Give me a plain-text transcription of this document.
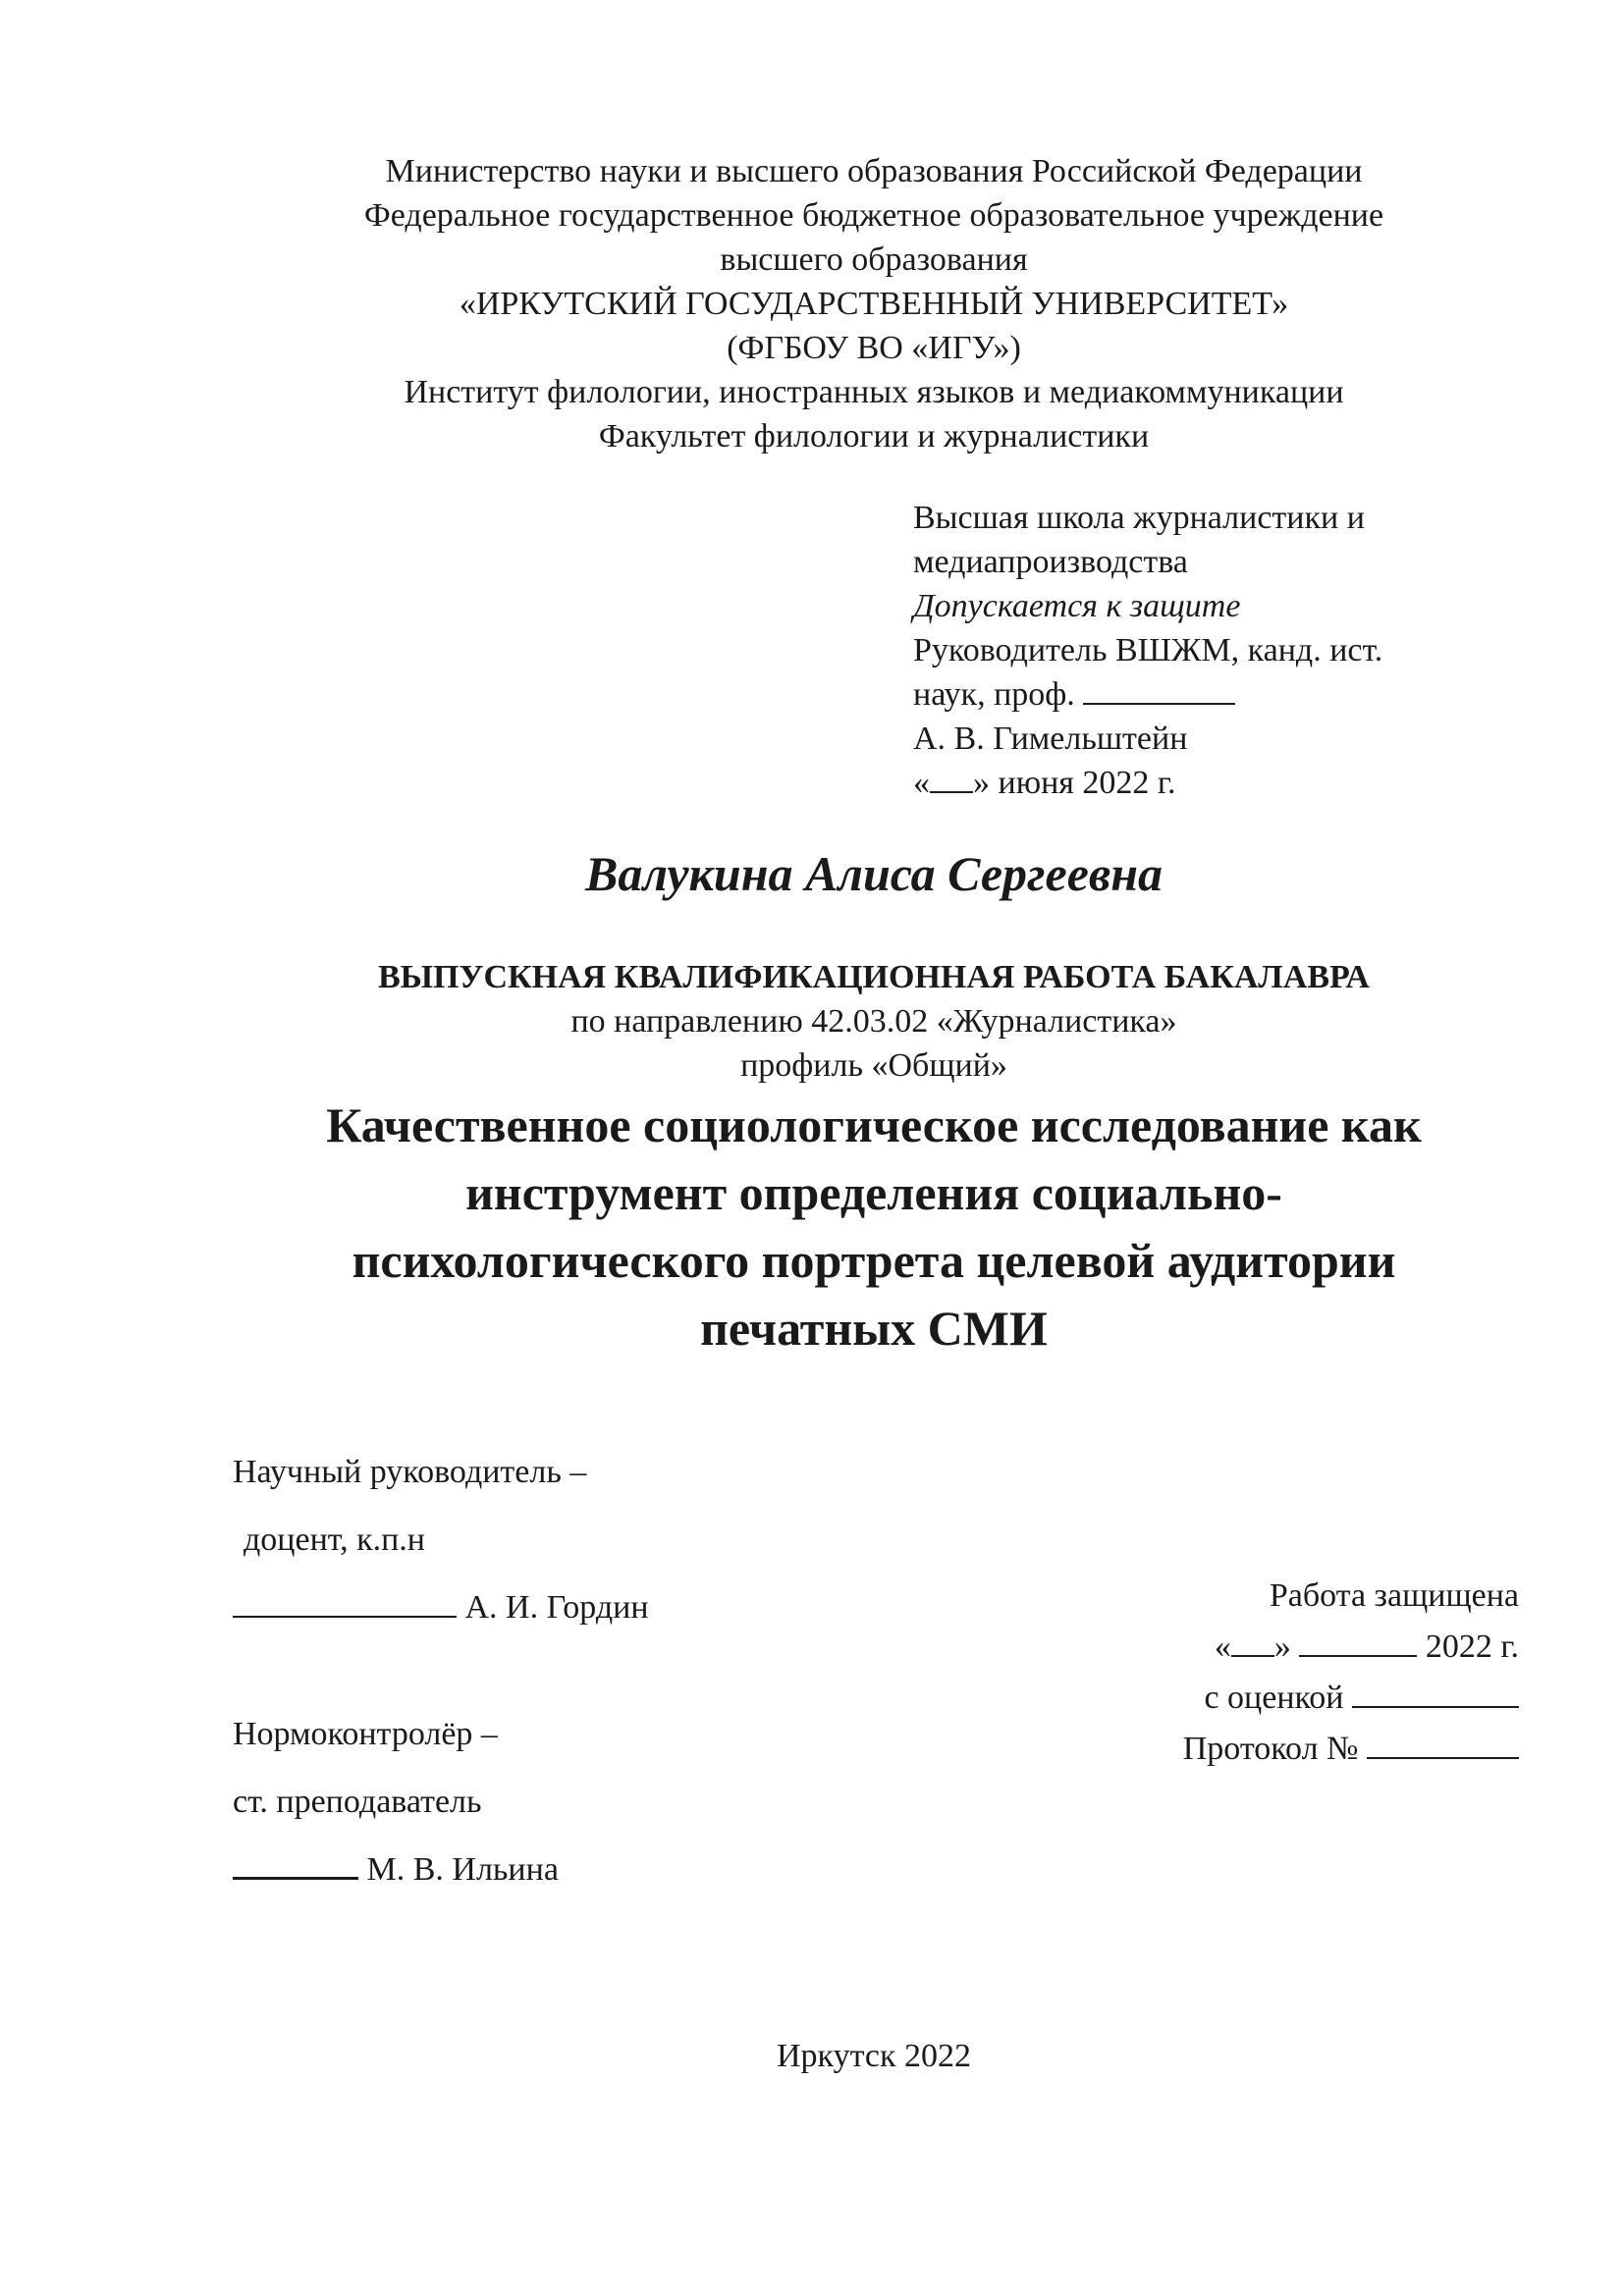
Министерство науки и высшего образования Российской Федерации
Федеральное государственное бюджетное образовательное учреждение
высшего образования
«ИРКУТСКИЙ ГОСУДАРСТВЕННЫЙ УНИВЕРСИТЕТ»
(ФГБОУ ВО «ИГУ»)
Институт филологии, иностранных языков и медиакоммуникации
Факультет филологии и журналистики
Высшая школа журналистики и
медиапроизводства
Допускается к защите
Руководитель ВШЖМ, канд. ист.
наук, проф.
А. В. Гимельштейн
« » июня 2022 г.
Валукина Алиса Сергеевна
ВЫПУСКНАЯ КВАЛИФИКАЦИОННАЯ РАБОТА БАКАЛАВРА
по направлению 42.03.02 «Журналистика»
профиль «Общий»
Качественное социологическое исследование как
инструмент определения социально-
психологического портрета целевой аудитории
печатных СМИ
Научный руководитель –
доцент, к.п.н
А. И. Гордин
Нормоконтролёр –
ст. преподаватель
М. В. Ильина
Работа защищена
« »	2022 г.
с оценкой
Протокол №
Иркутск 2022
